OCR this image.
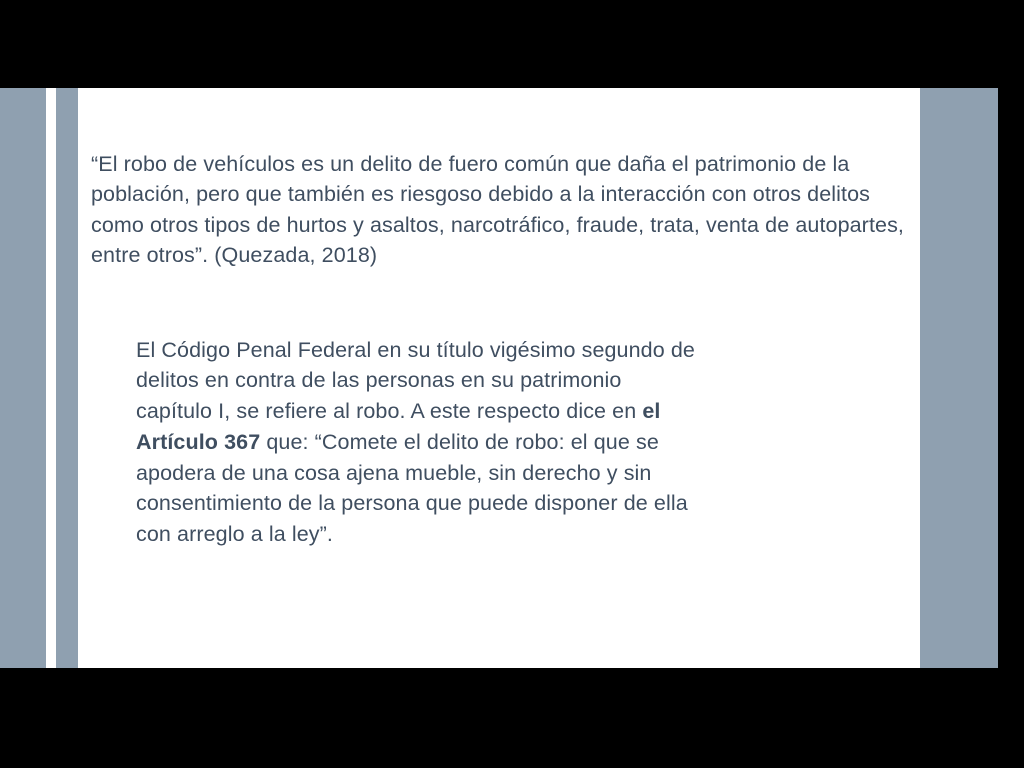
“El robo de vehículos es un delito de fuero común que daña el patrimonio de la población, pero que también es riesgoso debido a la interacción con otros delitos como otros tipos de hurtos y asaltos, narcotráfico, fraude, trata, venta de autopartes, entre otros”. (Quezada, 2018)

El Código Penal Federal en su título vigésimo segundo de delitos en contra de las personas en su patrimonio capítulo I, se refiere al robo. A este respecto dice en el Artículo 367 que: “Comete el delito de robo: el que se apodera de una cosa ajena mueble, sin derecho y sin consentimiento de la persona que puede disponer de ella con arreglo a la ley”.
